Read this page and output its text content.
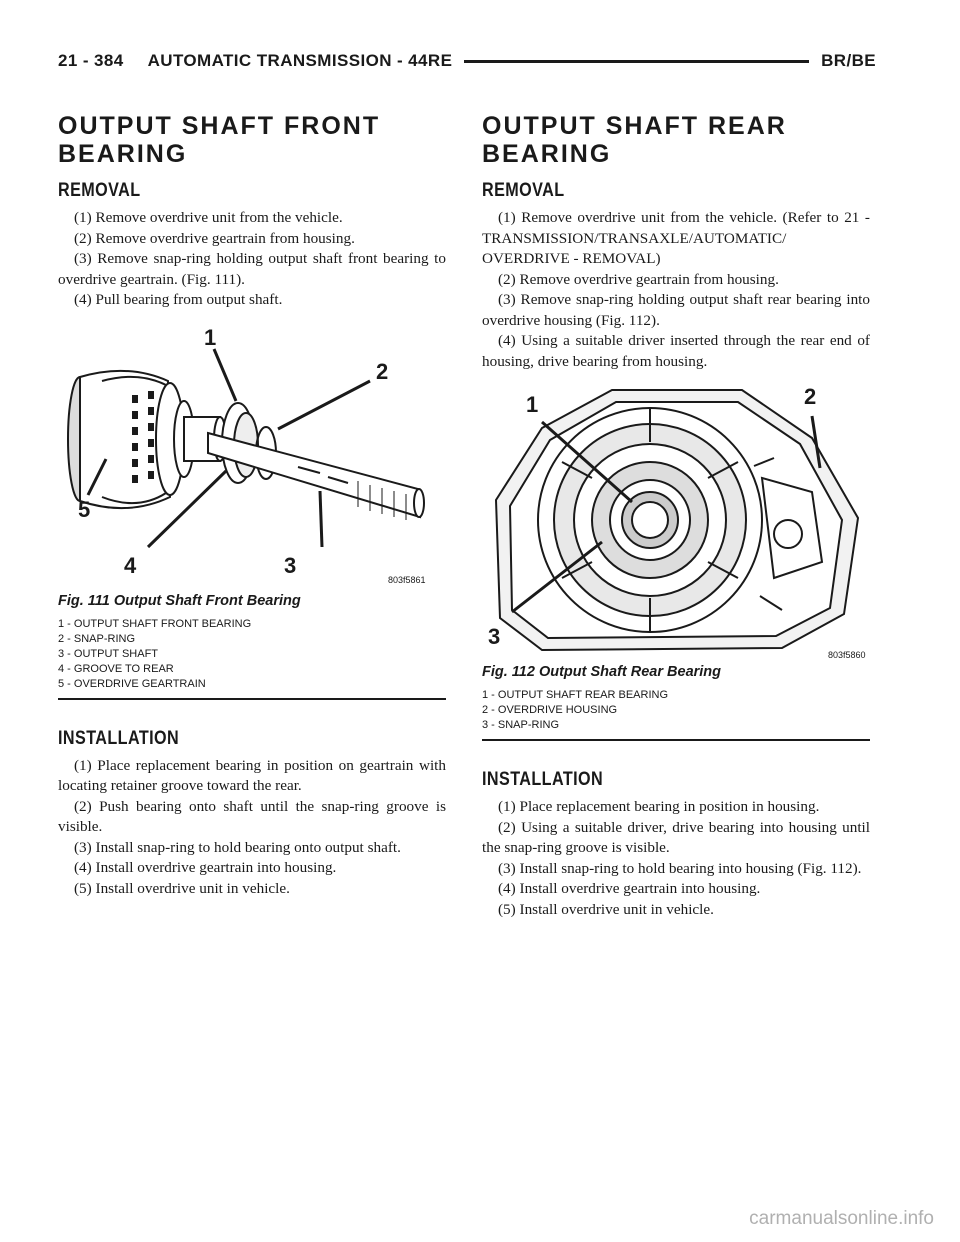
21 - 384 AUTOMATIC TRANSMISSION - 44RE	BR/BE
OUTPUT SHAFT FRONT
BEARING
REMOVAL

(1) Remove overdrive unit from the vehicle.

(2) Remove overdrive geartrain from housing.

(3) Remove snap-ring holding output shaft front bearing to overdrive geartrain. (Fig. 111).

(4) Pull bearing from output shaft.

1
2
3
4
5
803f5861
Fig. 111 Output Shaft Front Bearing
1 - OUTPUT SHAFT FRONT BEARING
2 - SNAP-RING
3 - OUTPUT SHAFT
4 - GROOVE TO REAR
5 - OVERDRIVE GEARTRAIN
INSTALLATION

(1) Place replacement bearing in position on geartrain with locating retainer groove toward the rear.

(2) Push bearing onto shaft until the snap-ring groove is visible.

(3) Install snap-ring to hold bearing onto output shaft.

(4) Install overdrive geartrain into housing.

(5) Install overdrive unit in vehicle.

OUTPUT SHAFT REAR
BEARING
REMOVAL

(1) Remove overdrive unit from the vehicle. (Refer to 21 - TRANSMISSION/TRANSAXLE/AUTOMATIC/ OVERDRIVE - REMOVAL)

(2) Remove overdrive geartrain from housing.

(3) Remove snap-ring holding output shaft rear bearing into overdrive housing (Fig. 112).

(4) Using a suitable driver inserted through the rear end of housing, drive bearing from housing.

1	2
3
803f5860
Fig. 112 Output Shaft Rear Bearing
1 - OUTPUT SHAFT REAR BEARING
2 - OVERDRIVE HOUSING
3 - SNAP-RING
INSTALLATION

(1) Place replacement bearing in position in housing.

(2) Using a suitable driver, drive bearing into housing until the snap-ring groove is visible.

(3) Install snap-ring to hold bearing into housing (Fig. 112).

(4) Install overdrive geartrain into housing.

(5) Install overdrive unit in vehicle.

carmanualsonline.info
